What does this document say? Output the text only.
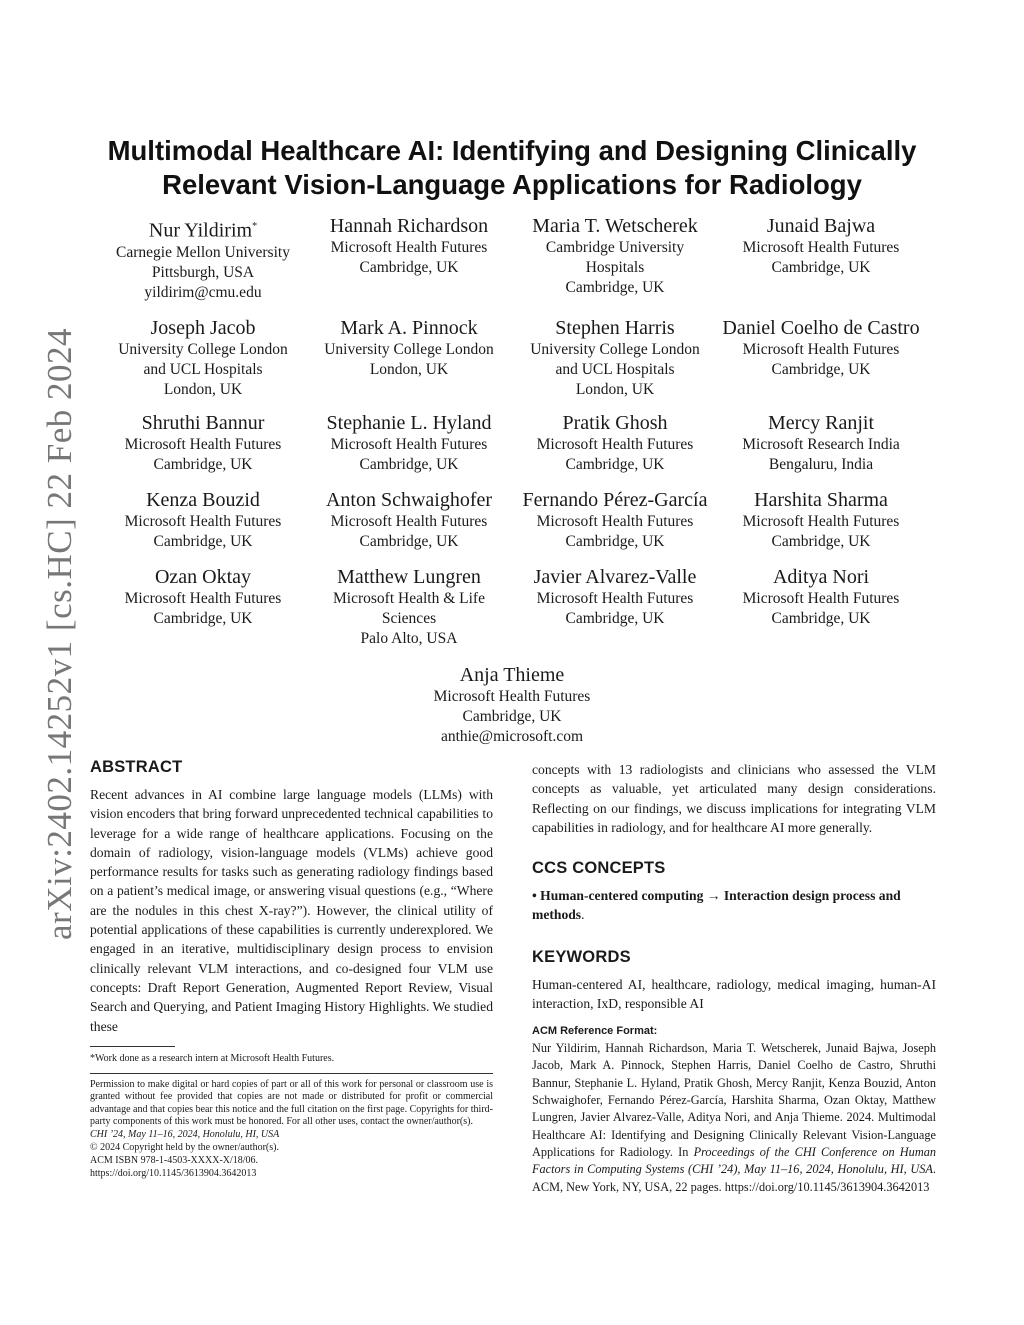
arXiv:2402.14252v1 [cs.HC] 22 Feb 2024
Multimodal Healthcare AI: Identifying and Designing Clinically
Relevant Vision-Language Applications for Radiology
Nur Yildirim*
Carnegie Mellon University
Pittsburgh, USA
yildirim@cmu.edu
Hannah Richardson
Microsoft Health Futures
Cambridge, UK
Maria T. Wetscherek
Cambridge University
Hospitals
Cambridge, UK
Junaid Bajwa
Microsoft Health Futures
Cambridge, UK
Joseph Jacob
University College London
and UCL Hospitals
London, UK
Mark A. Pinnock
University College London
London, UK
Stephen Harris
University College London
and UCL Hospitals
London, UK
Daniel Coelho de Castro
Microsoft Health Futures
Cambridge, UK
Shruthi Bannur
Microsoft Health Futures
Cambridge, UK
Stephanie L. Hyland
Microsoft Health Futures
Cambridge, UK
Pratik Ghosh
Microsoft Health Futures
Cambridge, UK
Mercy Ranjit
Microsoft Research India
Bengaluru, India
Kenza Bouzid
Microsoft Health Futures
Cambridge, UK
Anton Schwaighofer
Microsoft Health Futures
Cambridge, UK
Fernando Pérez-García
Microsoft Health Futures
Cambridge, UK
Harshita Sharma
Microsoft Health Futures
Cambridge, UK
Ozan Oktay
Microsoft Health Futures
Cambridge, UK
Matthew Lungren
Microsoft Health & Life
Sciences
Palo Alto, USA
Javier Alvarez-Valle
Microsoft Health Futures
Cambridge, UK
Aditya Nori
Microsoft Health Futures
Cambridge, UK
Anja Thieme
Microsoft Health Futures
Cambridge, UK
anthie@microsoft.com
ABSTRACT

Recent advances in AI combine large language models (LLMs) with vision encoders that bring forward unprecedented technical capabilities to leverage for a wide range of healthcare applications. Focusing on the domain of radiology, vision-language models (VLMs) achieve good performance results for tasks such as generating radiology findings based on a patient’s medical image, or answering visual questions (e.g., “Where are the nodules in this chest X-ray?”). However, the clinical utility of potential applications of these capabilities is currently underexplored. We engaged in an iterative, multidisciplinary design process to envision clinically relevant VLM interactions, and co-designed four VLM use concepts: Draft Report Generation, Augmented Report Review, Visual Search and Querying, and Patient Imaging History Highlights. We studied these

*Work done as a research intern at Microsoft Health Futures.

Permission to make digital or hard copies of part or all of this work for personal or classroom use is granted without fee provided that copies are not made or distributed for profit or commercial advantage and that copies bear this notice and the full citation on the first page. Copyrights for third-party components of this work must be honored. For all other uses, contact the owner/author(s).

CHI ’24, May 11–16, 2024, Honolulu, HI, USA

© 2024 Copyright held by the owner/author(s).

ACM ISBN 978-1-4503-XXXX-X/18/06.

https://doi.org/10.1145/3613904.3642013

concepts with 13 radiologists and clinicians who assessed the VLM concepts as valuable, yet articulated many design considerations. Reflecting on our findings, we discuss implications for integrating VLM capabilities in radiology, and for healthcare AI more generally.

CCS CONCEPTS

• Human-centered computing → Interaction design process and methods.

KEYWORDS

Human-centered AI, healthcare, radiology, medical imaging, human-AI interaction, IxD, responsible AI

ACM Reference Format:

Nur Yildirim, Hannah Richardson, Maria T. Wetscherek, Junaid Bajwa, Joseph Jacob, Mark A. Pinnock, Stephen Harris, Daniel Coelho de Castro, Shruthi Bannur, Stephanie L. Hyland, Pratik Ghosh, Mercy Ranjit, Kenza Bouzid, Anton Schwaighofer, Fernando Pérez-García, Harshita Sharma, Ozan Oktay, Matthew Lungren, Javier Alvarez-Valle, Aditya Nori, and Anja Thieme. 2024. Multimodal Healthcare AI: Identifying and Designing Clinically Relevant Vision-Language Applications for Radiology. In Proceedings of the CHI Conference on Human Factors in Computing Systems (CHI ’24), May 11–16, 2024, Honolulu, HI, USA. ACM, New York, NY, USA, 22 pages. https://doi.org/10.1145/3613904.3642013
